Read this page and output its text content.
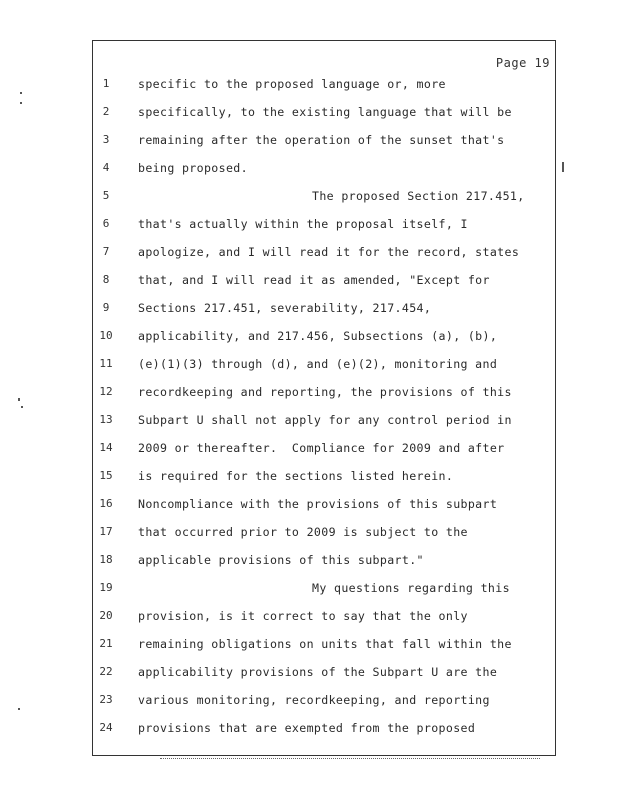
Page 19
1	specific to the proposed language or, more
2	specifically, to the existing language that will be
3	remaining after the operation of the sunset that's
4	being proposed.
5	The proposed Section 217.451,
6	that's actually within the proposal itself, I
7	apologize, and I will read it for the record, states
8	that, and I will read it as amended, "Except for
9	Sections 217.451, severability, 217.454,
10 applicability, and 217.456, Subsections (a), (b),
11 (e)(1)(3) through (d), and (e)(2), monitoring and
12 recordkeeping and reporting, the provisions of this
13 Subpart U shall not apply for any control period in
14 2009 or thereafter.  Compliance for 2009 and after
15 is required for the sections listed herein.
16 Noncompliance with the provisions of this subpart
17 that occurred prior to 2009 is subject to the
18 applicable provisions of this subpart."
19	My questions regarding this
20 provision, is it correct to say that the only
21 remaining obligations on units that fall within the
22 applicability provisions of the Subpart U are the
23 various monitoring, recordkeeping, and reporting
24 provisions that are exempted from the proposed
